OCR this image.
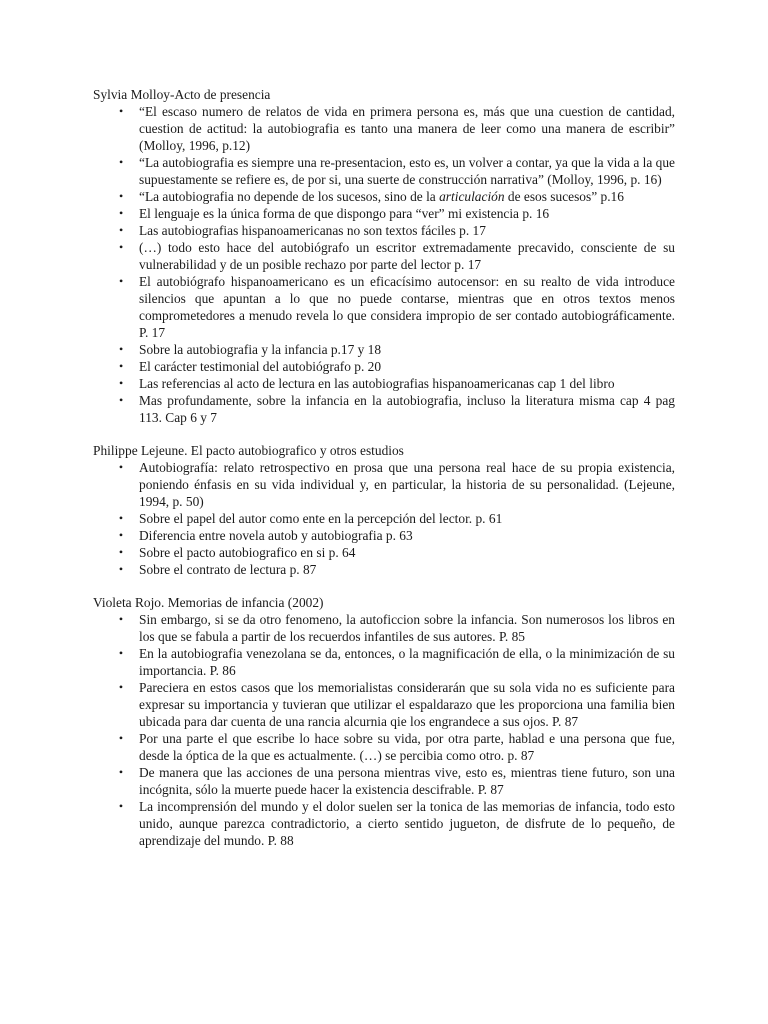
Sylvia Molloy-Acto de presencia

• “El escaso numero de relatos de vida en primera persona es, más que una cuestion de cantidad, cuestion de actitud: la autobiografia es tanto una manera de leer como una manera de escribir” (Molloy, 1996, p.12)
• “La autobiografia es siempre una re-presentacion, esto es, un volver a contar, ya que la vida a la que supuestamente se refiere es, de por si, una suerte de construcción narrativa” (Molloy, 1996, p. 16)
• “La autobiografia no depende de los sucesos, sino de la articulación de esos sucesos” p.16
• El lenguaje es la única forma de que dispongo para “ver” mi existencia p. 16
• Las autobiografias hispanoamericanas no son textos fáciles p. 17
• (…) todo esto hace del autobiógrafo un escritor extremadamente precavido, consciente de su vulnerabilidad y de un posible rechazo por parte del lector p. 17
• El autobiógrafo hispanoamericano es un eficacísimo autocensor: en su realto de vida introduce silencios que apuntan a lo que no puede contarse, mientras que en otros textos menos comprometedores a menudo revela lo que considera impropio de ser contado autobiográficamente. P. 17
• Sobre la autobiografia y la infancia p.17 y 18
• El carácter testimonial del autobiógrafo p. 20
• Las referencias al acto de lectura en las autobiografias hispanoamericanas cap 1 del libro
• Mas profundamente, sobre la infancia en la autobiografia, incluso la literatura misma cap 4 pag 113. Cap 6 y 7

Philippe Lejeune. El pacto autobiografico y otros estudios

• Autobiografía: relato retrospectivo en prosa que una persona real hace de su propia existencia, poniendo énfasis en su vida individual y, en particular, la historia de su personalidad. (Lejeune, 1994, p. 50)
• Sobre el papel del autor como ente en la percepción del lector. p. 61
• Diferencia entre novela autob y autobiografia p. 63
• Sobre el pacto autobiografico en si p. 64
• Sobre el contrato de lectura p. 87

Violeta Rojo. Memorias de infancia (2002)

• Sin embargo, si se da otro fenomeno, la autoficcion sobre la infancia. Son numerosos los libros en los que se fabula a partir de los recuerdos infantiles de sus autores. P. 85
• En la autobiografia venezolana se da, entonces, o la magnificación de ella, o la minimización de su importancia. P. 86
• Pareciera en estos casos que los memorialistas considerarán que su sola vida no es suficiente para expresar su importancia y tuvieran que utilizar el espaldarazo que les proporciona una familia bien ubicada para dar cuenta de una rancia alcurnia qie los engrandece a sus ojos. P. 87
• Por una parte el que escribe lo hace sobre su vida, por otra parte, hablad e una persona que fue, desde la óptica de la que es actualmente. (…) se percibia como otro. p. 87
• De manera que las acciones de una persona mientras vive, esto es, mientras tiene futuro, son una incógnita, sólo la muerte puede hacer la existencia descifrable. P. 87
• La incomprensión del mundo y el dolor suelen ser la tonica de las memorias de infancia, todo esto unido, aunque parezca contradictorio, a cierto sentido jugueton, de disfrute de lo pequeño, de aprendizaje del mundo. P. 88
